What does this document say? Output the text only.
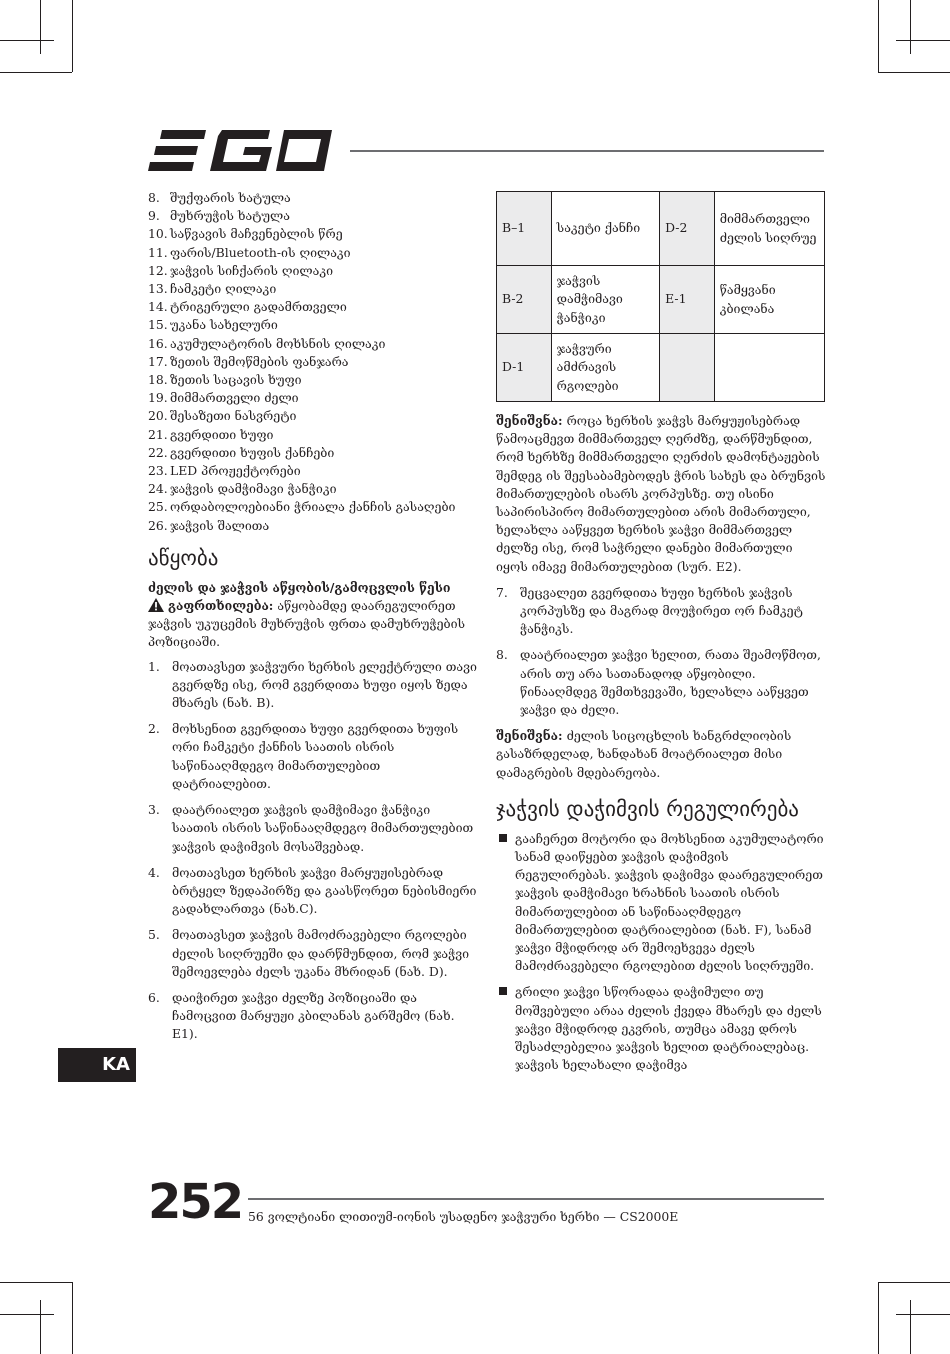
8. შუქფარის ხატულა
9. მუხრუჭის ხატულა
10. საწვავის მაჩვენებლის წრე
11. ფარის/Bluetooth-ის ღილაკი
12. ჯაჭვის სიჩქარის ღილაკი
13. ჩამკეტი ღილაკი
14. ტრიგერული გადამრთველი
15. უკანა სახელური
16. აკუმულატორის მოხსნის ღილაკი
17. ზეთის შემოწმების ფანჯარა
18. ზეთის საცავის ხუფი
19. მიმმართველი ძელი
20. შესაზეთი ნასვრეტი
21. გვერდითი ხუფი
22. გვერდითი ხუფის ქანჩები
23. LED პროჟექტორები
24. ჯაჭვის დამჭიმავი ჭანჭიკი
25. ორდაბოლოებიანი ჭრიალა ქანჩის გასაღები
26. ჯაჭვის შალითა
აწყობა

ძელის და ჯაჭვის აწყობის/გამოცვლის წესი

გაფრთხილება: აწყობამდე დაარეგულირეთ ჯაჭვის უკუცემის მუხრუჭის ფრთა დამუხრუჭების პოზიციაში.

1. მოათავსეთ ჯაჭვური ხერხის ელექტრული თავი გვერდზე ისე, რომ გვერდითა ხუფი იყოს ზედა მხარეს (ნახ. B).
2. მოხსენით გვერდითა ხუფი გვერდითა ხუფის ორი ჩამკეტი ქანჩის საათის ისრის საწინააღმდეგო მიმართულებით დატრიალებით.
3. დაატრიალეთ ჯაჭვის დამჭიმავი ჭანჭიკი საათის ისრის საწინააღმდეგო მიმართულებით ჯაჭვის დაჭიმვის მოსაშვებად.
4. მოათავსეთ ხერხის ჯაჭვი მარყუჟისებრად ბრტყელ ზედაპირზე და გაასწორეთ ნებისმიერი გადახლართვა (ნახ.C).
5. მოათავსეთ ჯაჭვის მამოძრავებელი რგოლები ძელის სიღრუეში და დარწმუნდით, რომ ჯაჭვი შემოევლება ძელს უკანა მხრიდან (ნახ. D).
6. დაიჭირეთ ჯაჭვი ძელზე პოზიციაში და ჩამოცვით მარყუჟი კბილანას გარშემო (ნახ. E1).
B–1	საკეტი ქანჩი	D-2	მიმმართველი ძელის სიღრუე
B-2	ჯაჭვის დამჭიმავი ჭანჭიკი	E-1	წამყვანი კბილანა
D-1	ჯაჭვური ამძრავის რგოლები		

შენიშვნა: როცა ხერხის ჯაჭვს მარყუჟისებრად წამოაცმევთ მიმმართველ ღერძზე, დარწმუნდით, რომ ხერხზე მიმმართველი ღერძის დამონტაჟების შემდეგ ის შეესაბამებოდეს ჭრის სახეს და ბრუნვის მიმართულების ისარს კორპუსზე. თუ ისინი საპირისპირო მიმართულებით არის მიმართული, ხელახლა ააწყვეთ ხერხის ჯაჭვი მიმმართველ ძელზე ისე, რომ საჭრელი დანები მიმართული იყოს იმავე მიმართულებით (სურ. E2).

7. შეცვალეთ გვერდითა ხუფი ხერხის ჯაჭვის კორპუსზე და მაგრად მოუჭირეთ ორ ჩამკეტ ჭანჭიკს.
8. დაატრიალეთ ჯაჭვი ხელით, რათა შეამოწმოთ, არის თუ არა სათანადოდ აწყობილი. წინააღმდეგ შემთხვევაში, ხელახლა ააწყვეთ ჯაჭვი და ძელი.

შენიშვნა: ძელის სიცოცხლის ხანგრძლიობის გასაზრდელად, ხანდახან მოატრიალეთ მისი დამაგრების მდებარეობა.

ჯაჭვის დაჭიმვის რეგულირება
გააჩერეთ მოტორი და მოხსენით აკუმულატორი სანამ დაიწყებთ ჯაჭვის დაჭიმვის რეგულირებას. ჯაჭვის დაჭიმვა დაარეგულირეთ ჯაჭვის დამჭიმავი ხრახნის საათის ისრის მიმართულებით ან საწინააღმდეგო მიმართულებით დატრიალებით (ნახ. F), სანამ ჯაჭვი მჭიდროდ არ შემოეხვევა ძელს მამოძრავებელი რგოლებით ძელის სიღრუეში.
გრილი ჯაჭვი სწორადაა დაჭიმული თუ მოშვებული არაა ძელის ქვედა მხარეს და ძელს ჯაჭვი მჭიდროდ ეკვრის, თუმცა ამავე დროს შესაძლებელია ჯაჭვის ხელით დატრიალებაც. ჯაჭვის ხელახალი დაჭიმვა
KA
252 56 ვოლტიანი ლითიუმ-იონის უსადენო ჯაჭვური ხერხი — CS2000E
